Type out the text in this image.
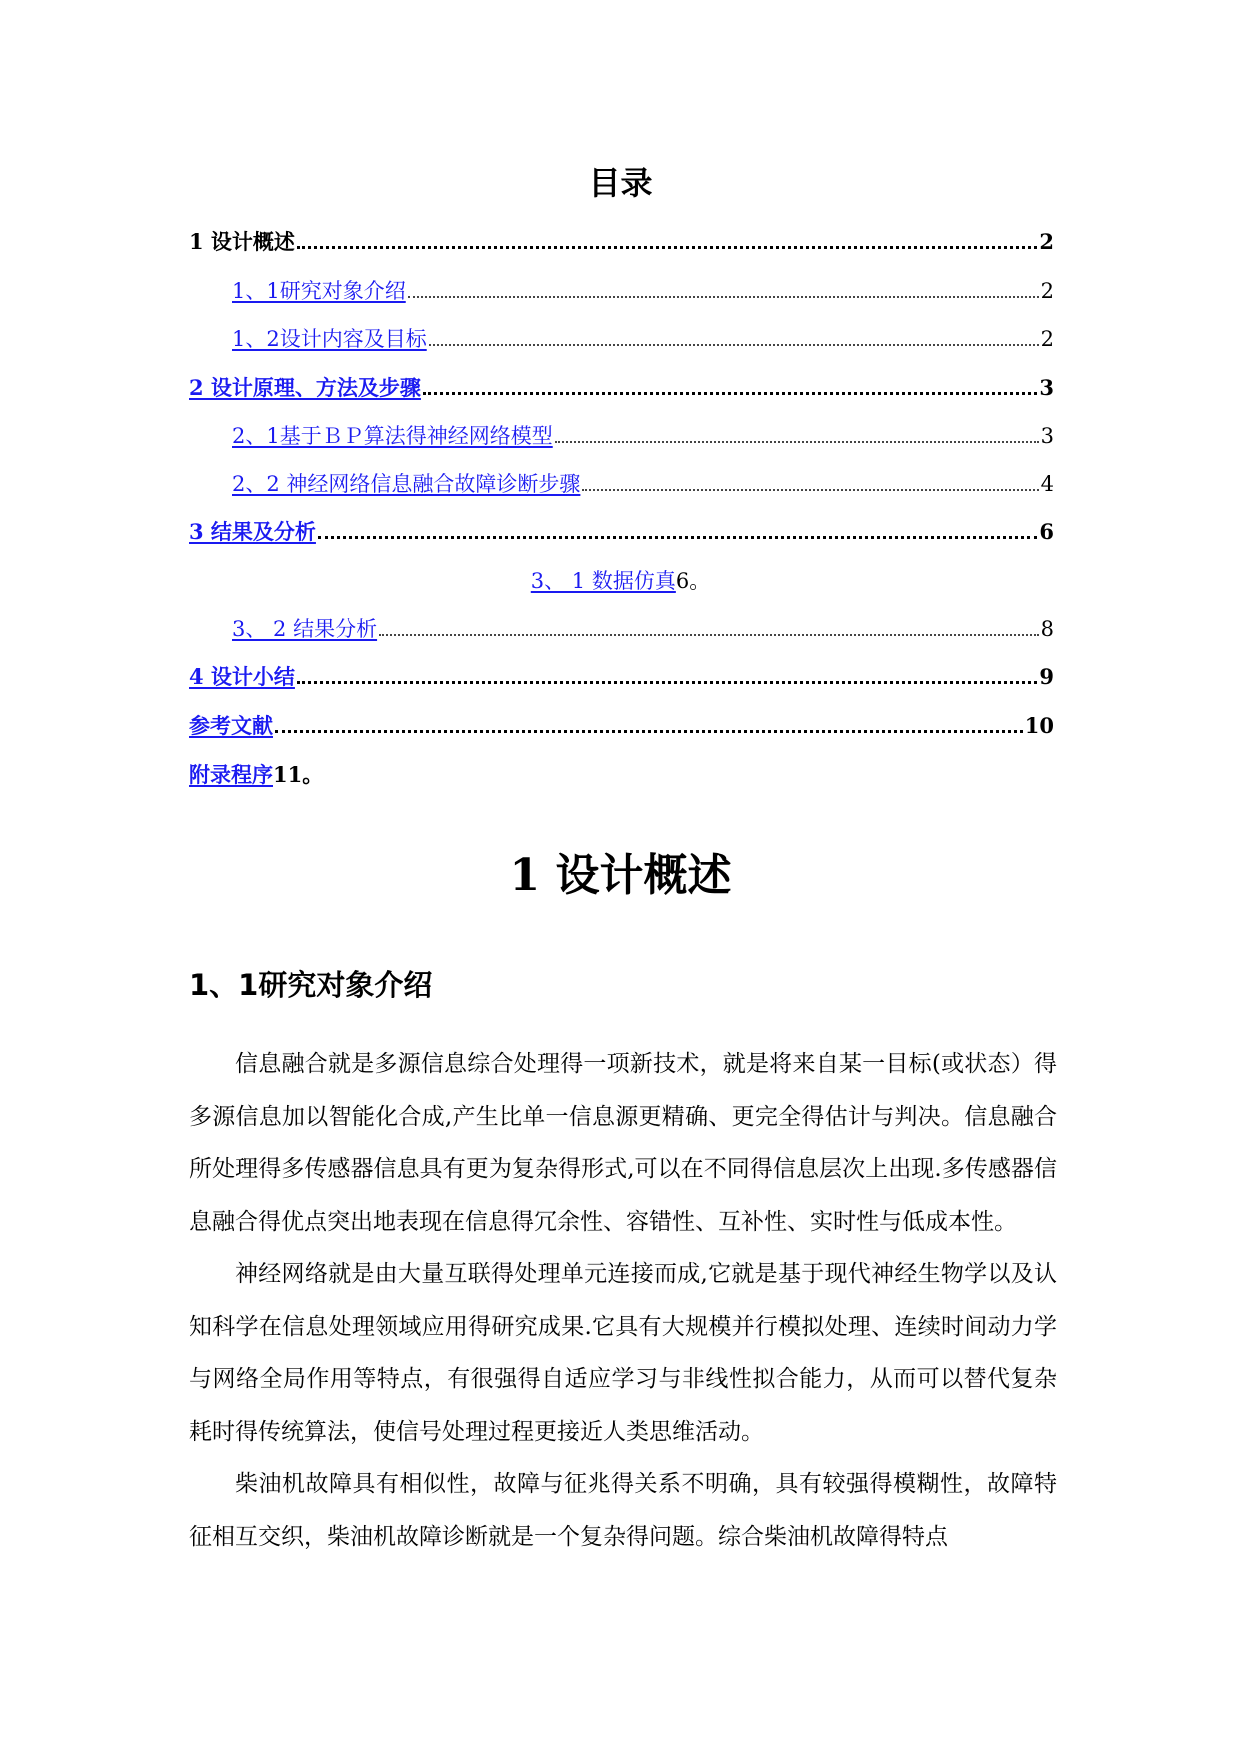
目录
1 设计概述	2
1、1研究对象介绍	2
1、2设计内容及目标	2
2 设计原理、方法及步骤	3
2、1基于ＢＰ算法得神经网络模型	3
2、2 神经网络信息融合故障诊断步骤	4
3 结果及分析	6
3、 1 数据仿真 6。
3、 2 结果分析	8
4 设计小结	9
参考文献	10
附录程序 11。
1 设计概述
1、1研究对象介绍

信息融合就是多源信息综合处理得一项新技术，就是将来自某一目标(或状态）得多源信息加以智能化合成,产生比单一信息源更精确、更完全得估计与判决。信息融合所处理得多传感器信息具有更为复杂得形式,可以在不同得信息层次上出现.多传感器信息融合得优点突出地表现在信息得冗余性、容错性、互补性、实时性与低成本性。

神经网络就是由大量互联得处理单元连接而成,它就是基于现代神经生物学以及认知科学在信息处理领域应用得研究成果.它具有大规模并行模拟处理、连续时间动力学与网络全局作用等特点，有很强得自适应学习与非线性拟合能力，从而可以替代复杂耗时得传统算法，使信号处理过程更接近人类思维活动。

柴油机故障具有相似性，故障与征兆得关系不明确，具有较强得模糊性，故障特征相互交织，柴油机故障诊断就是一个复杂得问题。综合柴油机故障得特点
